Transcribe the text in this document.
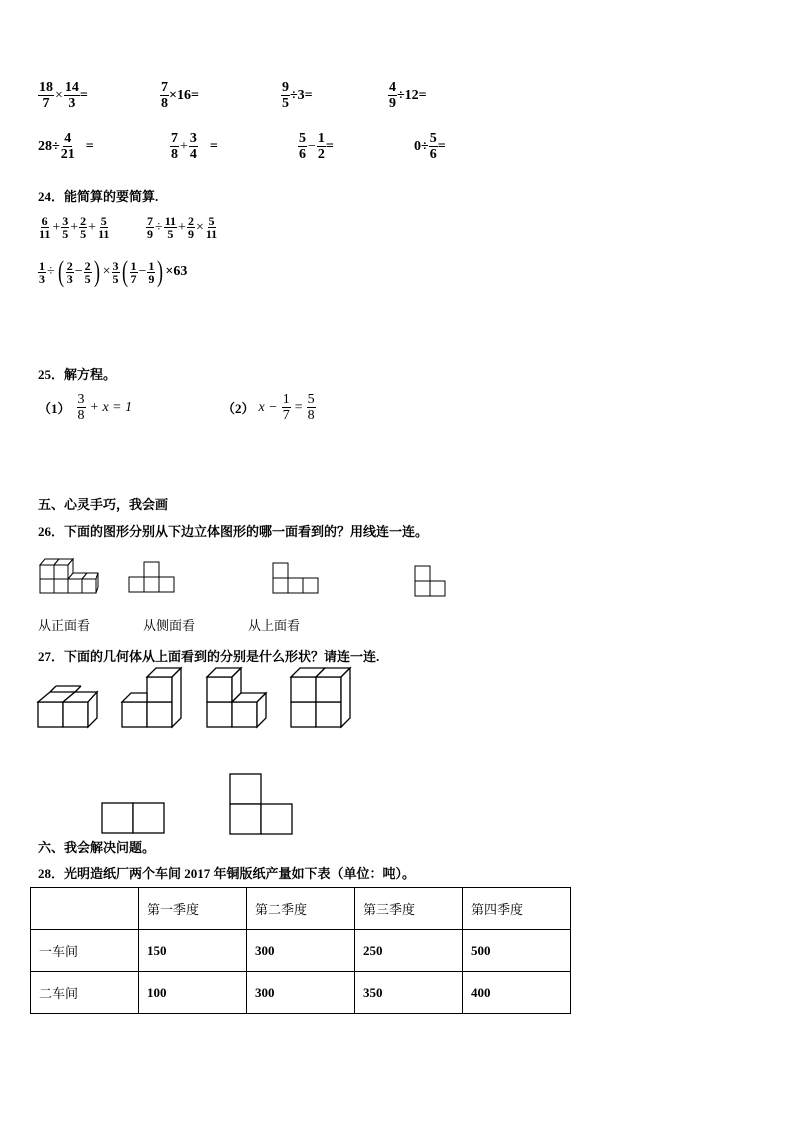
$\frac{18}{7} \times \frac{14}{3}$ =	$\frac{7}{8} \times 16=$	$\frac{9}{5} \div 3=$	$\frac{4}{9} \div 12=$
$28\div \frac{4}{21}$ =	$\frac{7}{8} + \frac{3}{4}$ =	$\frac{5}{6} - \frac{1}{2}$ =	$0\div \frac{5}{6}$ =
24．能简算的要简算.
$\frac{6}{11} + \frac{3}{5} + \frac{2}{5} + \frac{5}{11}$	$\frac{7}{9} \div \frac{11}{5} + \frac{2}{9} \times \frac{5}{11}$
$\frac{1}{3}$ ÷ ( $\frac{2}{3} - \frac{2}{5}$ ) × $\frac{3}{5}$ ( $\frac{1}{7} - \frac{1}{9}$ ) ×63
25．解方程。
$(1) \frac{3}{8} + x = 1$	（2） $x - \frac{1}{7} = \frac{5}{8}$
五、心灵手巧，我会画
26．下面的图形分别从下边立体图形的哪一面看到的？用线连一连。
从正面看	从侧面看	从上面看
27．下面的几何体从上面看到的分别是什么形状？请连一连.
六、我会解决问题。
28．光明造纸厂两个车间 2017 年铜版纸产量如下表（单位：吨）。
	第一季度	第二季度	第三季度	第四季度
一车间	150	300	250	500
二车间	100	300	350	400
